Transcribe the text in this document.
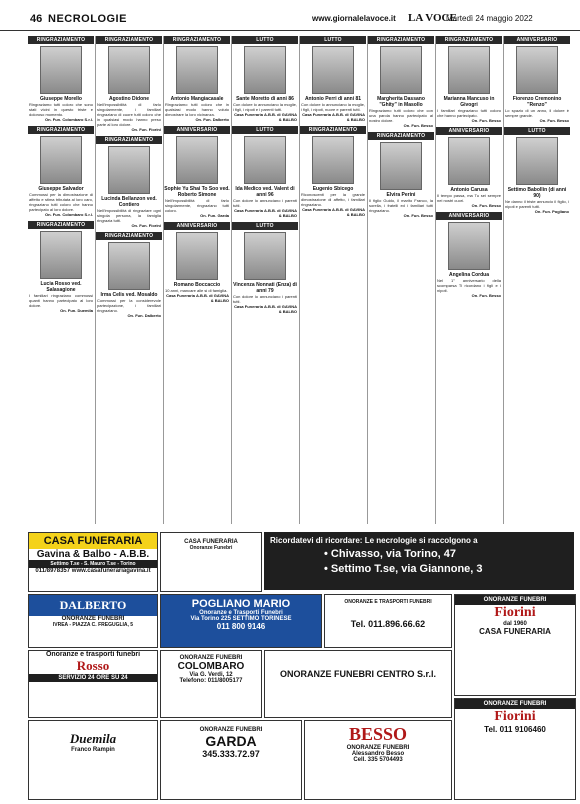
46 NECROLOGIE	www.giornalelavoce.it LA VOCE
Martedì 24 maggio 2022
RINGRAZIAMENTO
Giuseppe Morello
Ringraziamo tutti coloro che sono stati vicini in questo triste e doloroso momento.
On. Fun. Colombaro S.r.l.
RINGRAZIAMENTO
Giuseppe Salvador
Commossi per la dimostrazione di affetto e stima tributata al loro caro, ringraziano tutti coloro che hanno partecipato al loro dolore.
On. Fun. Colombaro S.r.l.
RINGRAZIAMENTO
Lucia Rosso ved. Salasagione
I familiari ringraziano commossi quanti hanno partecipato al loro dolore.
On. Fun. Duemila
RINGRAZIAMENTO
Agostino Didone
Nell'impossibilità di farlo singolarmente, i familiari ringraziano di cuore tutti coloro che in qualsiasi modo hanno preso parte al loro dolore.
On. Fun. Fiorini
RINGRAZIAMENTO
Lucinda Bellanzon ved. Contiero
Nell'impossibilità di ringraziare ogni singola persona, la famiglia ringrazia tutti.
On. Fun. Fiorini
RINGRAZIAMENTO
Irma Celis ved. Mosaldo
Commossi per la considerevole partecipazione, i familiari ringraziano.
On. Fun. Dalberto
RINGRAZIAMENTO
Antonio Mangiacasale
Ringraziamo tutti coloro che in qualsiasi modo hanno voluto dimostrare la loro vicinanza.
On. Fun. Dalberto
ANNIVERSARIO
Sophie Yu Shai To Soo ved. Roberto Simone
Nell'impossibilità di farlo singolarmente, ringraziano tutti coloro.
On. Fun. Garda
ANNIVERSARIO
Romano Boccaccio
10 anni, mancare alle si di famiglia.
Casa Funeraria A.B.B. di GAVINA & BALBO
LUTTO
Sante Moretto di anni 86
Con dolore lo annunciano la moglie, i figli, i nipoti e i parenti tutti.
Casa Funeraria A.B.B. di GAVINA & BALBO
LUTTO
Ida Medico ved. Valent di anni 96
Con dolore lo annunciano i parenti tutti.
Casa Funeraria A.B.B. di GAVINA & BALBO
LUTTO
Vincenza Nonnati (Enza) di anni 79
Con dolore lo annunciano i parenti tutti.
Casa Funeraria A.B.B. di GAVINA & BALBO
LUTTO
Antonio Perri di anni 81
Con dolore lo annunciano la moglie, i figli, i nipoti, nuore e parenti tutti.
Casa Funeraria A.B.B. di GAVINA & BALBO
RINGRAZIAMENTO
Eugenio Sbicego
Riconoscenti per la grande dimostrazione di affetto, i familiari ringraziano.
Casa Funeraria A.B.B. di GAVINA & BALBO
RINGRAZIAMENTO
Margherita Dassano "Ghity" in Masollo
Ringraziamo tutti coloro che con una parola hanno partecipato al nostro dolore.
On. Fun. Besso
RINGRAZIAMENTO
Elvira Perini
Il figlio Guido, il marito Franco, la sorella, i fratelli ed i familiari tutti ringraziano.
On. Fun. Besso
RINGRAZIAMENTO
Marianna Mancuso in Givogri
I familiari ringraziano tutti coloro che hanno partecipato.
On. Fun. Besso
ANNIVERSARIO
Antonio Carusa
Il tempo passa, ma Tu sei sempre nei nostri cuori.
On. Fun. Besso
ANNIVERSARIO
Angelina Cordua
Nel 1° anniversario della scomparsa Ti ricordano i figli e i nipoti.
On. Fun. Besso
ANNIVERSARIO
Fiorenzo Cremonino "Renzo"
Lo spazio di un anno, il dolore è sempre grande.
On. Fun. Besso
LUTTO
Settimo Babollin (di anni 90)
Ne danno il triste annuncio il figlio, i nipoti e parenti tutti.
On. Fun. Pogliano
CASA FUNERARIA
Gavina & Balbo - A.B.B.
Settimo T.se - S. Mauro T.se - Torino
011/8978357 www.casafunerariagavina.it
CASA FUNERARIA
Onoranze Funebri
Ricordatevi di ricordare: Le necrologie si raccolgono a
• Chivasso, via Torino, 47
• Settimo T.se, via Giannone, 3
DALBERTO
ONORANZE FUNEBRI
IVREA - PIAZZA C. FREGUGLIA, 5
POGLIANO MARIO
Onoranze e Trasporti Funebri
Via Torino 225 SETTIMO TORINESE
011 800 9146
ONORANZE E TRASPORTI FUNEBRI
Tel. 011.896.66.62
ONORANZE FUNEBRI
Fiorini
dal 1960
CASA FUNERARIA
Onoranze e trasporti funebri
Rosso
SERVIZIO 24 ORE SU 24
ONORANZE FUNEBRI
COLOMBARO
Via G. Verdi, 12
Telefono: 011/8005177
ONORANZE FUNEBRI CENTRO S.r.l.
Duemila
Franco Rampin
ONORANZE FUNEBRI
GARDA
345.333.72.97
BESSO
ONORANZE FUNEBRI
Alessandro Besso
Cell. 335 5704493
ONORANZE FUNEBRI
Fiorini
Tel. 011 9106460
